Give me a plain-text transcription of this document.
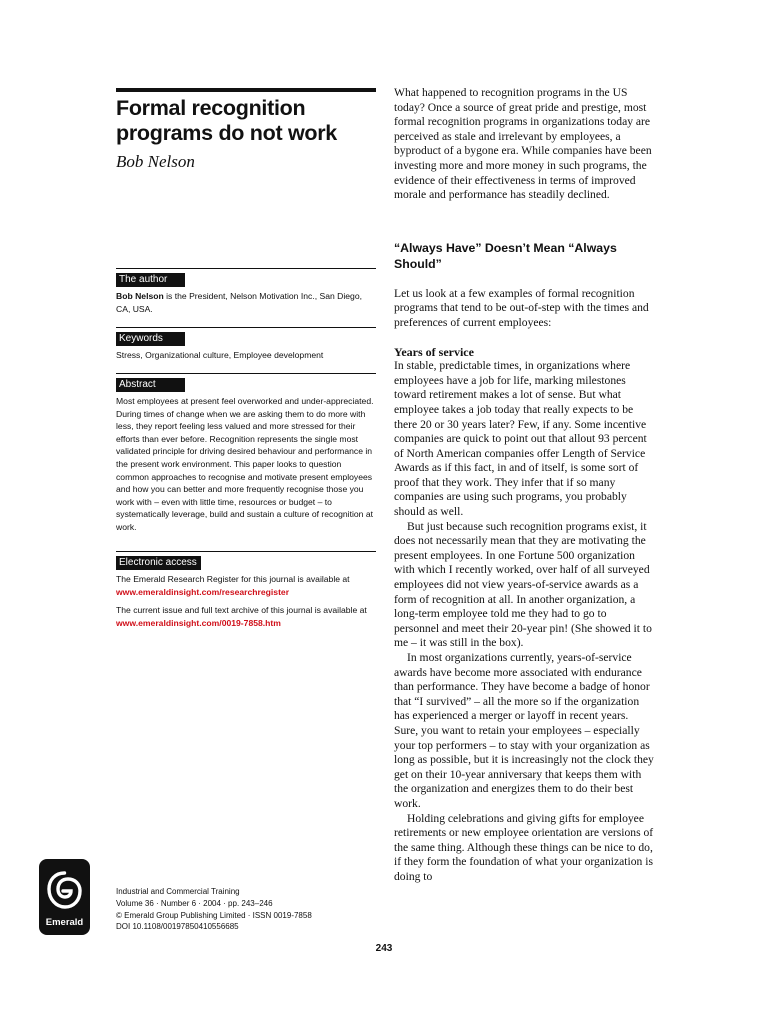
Formal recognition
programs do not work
Bob Nelson
The author

Bob Nelson is the President, Nelson Motivation Inc., San Diego, CA, USA.

Keywords

Stress, Organizational culture, Employee development

Abstract

Most employees at present feel overworked and under-appreciated. During times of change when we are asking them to do more with less, they report feeling less valued and more stressed for their efforts than ever before. Recognition represents the single most validated principle for driving desired behaviour and performance in the present work environment. This paper looks to question common approaches to recognise and motivate present employees and how you can better and more frequently recognise those you work with – even with little time, resources or budget – to systematically leverage, build and sustain a culture of recognition at work.

Electronic access

The Emerald Research Register for this journal is available at
www.emeraldinsight.com/researchregister

The current issue and full text archive of this journal is available at
www.emeraldinsight.com/0019-7858.htm

Emerald
Industrial and Commercial Training
Volume 36 · Number 6 · 2004 · pp. 243–246
© Emerald Group Publishing Limited · ISSN 0019-7858
DOI 10.1108/00197850410556685

What happened to recognition programs in the US today? Once a source of great pride and prestige, most formal recognition programs in organizations today are perceived as stale and irrelevant by employees, a byproduct of a bygone era. While companies have been investing more and more money in such programs, the evidence of their effectiveness in terms of improved morale and performance has steadily declined.

“Always Have” Doesn’t Mean “Always Should”

Let us look at a few examples of formal recognition programs that tend to be out-of-step with the times and preferences of current employees:

Years of service

In stable, predictable times, in organizations where employees have a job for life, marking milestones toward retirement makes a lot of sense. But what employee takes a job today that really expects to be there 20 or 30 years later? Few, if any. Some incentive companies are quick to point out that allout 93 percent of North American companies offer Length of Service Awards as if this fact, in and of itself, is some sort of proof that they work. They infer that if so many companies are using such programs, you probably should as well.

But just because such recognition programs exist, it does not necessarily mean that they are motivating the present employees. In one Fortune 500 organization with which I recently worked, over half of all surveyed employees did not view years-of-service awards as a form of recognition at all. In another organization, a long-term employee told me they had to go to personnel and meet their 20-year pin! (She showed it to me – it was still in the box).

In most organizations currently, years-of-service awards have become more associated with endurance than performance. They have become a badge of honor that “I survived” – all the more so if the organization has experienced a merger or layoff in recent years. Sure, you want to retain your employees – especially your top performers – to stay with your organization as long as possible, but it is increasingly not the clock they get on their 10-year anniversary that keeps them with the organization and energizes them to do their best work.

Holding celebrations and giving gifts for employee retirements or new employee orientation are versions of the same thing. Although these things can be nice to do, if they form the foundation of what your organization is doing to

243
